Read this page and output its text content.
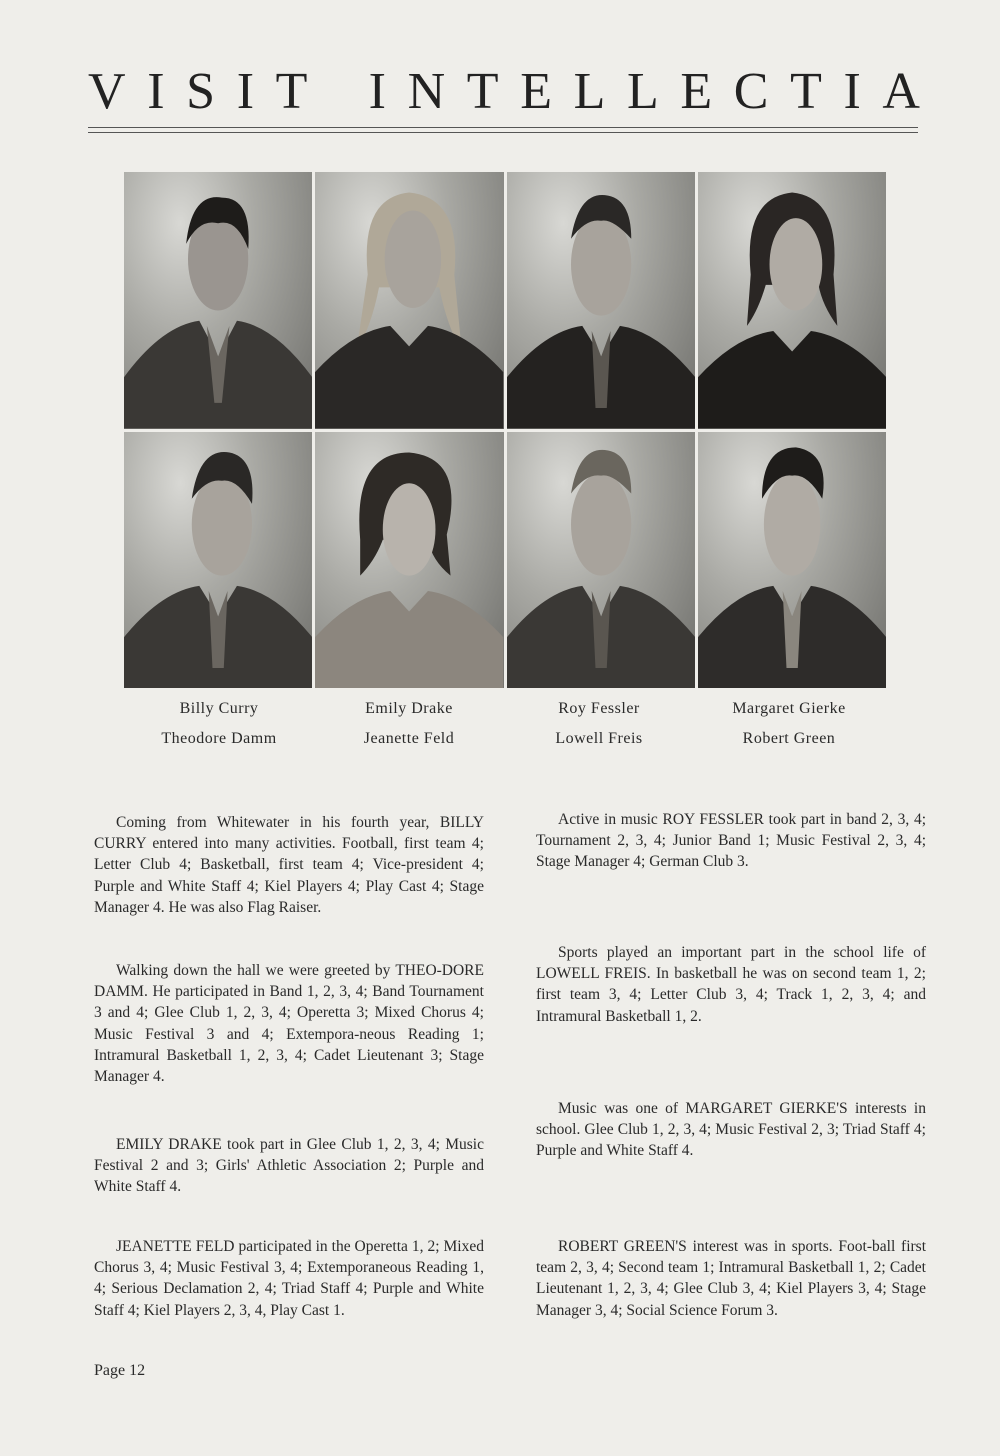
V I S I T I N T E L L E C T I A
Billy Curry	Emily Drake	Roy Fessler	Margaret Gierke
Theodore Damm	Jeanette Feld	Lowell Freis	Robert Green

Coming from Whitewater in his fourth year, BILLY CURRY entered into many activities. Football, first team 4; Letter Club 4; Basketball, first team 4; Vice-president 4; Purple and White Staff 4; Kiel Players 4; Play Cast 4; Stage Manager 4. He was also Flag Raiser.

Walking down the hall we were greeted by THEO-DORE DAMM. He participated in Band 1, 2, 3, 4; Band Tournament 3 and 4; Glee Club 1, 2, 3, 4; Operetta 3; Mixed Chorus 4; Music Festival 3 and 4; Extempora-neous Reading 1; Intramural Basketball 1, 2, 3, 4; Cadet Lieutenant 3; Stage Manager 4.

EMILY DRAKE took part in Glee Club 1, 2, 3, 4; Music Festival 2 and 3; Girls' Athletic Association 2; Purple and White Staff 4.

JEANETTE FELD participated in the Operetta 1, 2; Mixed Chorus 3, 4; Music Festival 3, 4; Extemporaneous Reading 1, 4; Serious Declamation 2, 4; Triad Staff 4; Purple and White Staff 4; Kiel Players 2, 3, 4, Play Cast 1.

Active in music ROY FESSLER took part in band 2, 3, 4; Tournament 2, 3, 4; Junior Band 1; Music Festival 2, 3, 4; Stage Manager 4; German Club 3.

Sports played an important part in the school life of LOWELL FREIS. In basketball he was on second team 1, 2; first team 3, 4; Letter Club 3, 4; Track 1, 2, 3, 4; and Intramural Basketball 1, 2.

Music was one of MARGARET GIERKE'S interests in school. Glee Club 1, 2, 3, 4; Music Festival 2, 3; Triad Staff 4; Purple and White Staff 4.

ROBERT GREEN'S interest was in sports. Foot-ball first team 2, 3, 4; Second team 1; Intramural Basketball 1, 2; Cadet Lieutenant 1, 2, 3, 4; Glee Club 3, 4; Kiel Players 3, 4; Stage Manager 3, 4; Social Science Forum 3.

Page 12
